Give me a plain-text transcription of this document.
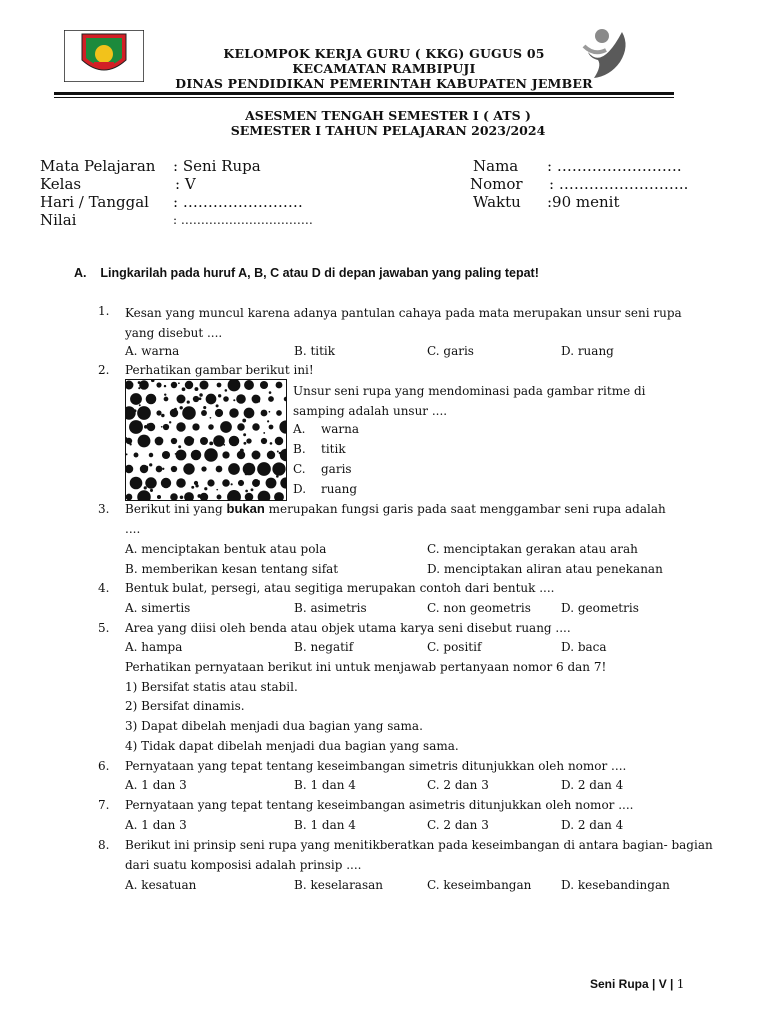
KELOMPOK KERJA GURU ( KKG) GUGUS 05
KECAMATAN RAMBIPUJI
DINAS PENDIDIKAN PEMERINTAH KABUPATEN JEMBER
ASESMEN TENGAH SEMESTER I ( ATS )
SEMESTER I TAHUN PELAJARAN 2023/2024
Mata Pelajaran : Seni Rupa
Kelas	: V
Hari / Tanggal : ……………………
Nilai	: ……………………………
Nama : …………………….
Nomor : ……………………..
Waktu :90 menit
A. Lingkarilah pada huruf A, B, C atau D di depan jawaban yang paling tepat!
1. Kesan yang muncul karena adanya pantulan cahaya pada mata merupakan unsur seni rupa yang disebut ....
A. warna	B. titik	C. garis	D. ruang
2. Perhatikan gambar berikut ini!
Unsur seni rupa yang mendominasi pada gambar ritme di samping adalah unsur ....
A. warna
B. titik
C. garis
D. ruang
3. Berikut ini yang bukan merupakan fungsi garis pada saat menggambar seni rupa adalah
....
A. menciptakan bentuk atau pola	C. menciptakan gerakan atau arah
B. memberikan kesan tentang sifat	D. menciptakan aliran atau penekanan
4. Bentuk bulat, persegi, atau segitiga merupakan contoh dari bentuk ....
A. simertis	B. asimetris	C. non geometris	D. geometris
5. Area yang diisi oleh benda atau objek utama karya seni disebut ruang ....
A. hampa	B. negatif	C. positif	D. baca
Perhatikan pernyataan berikut ini untuk menjawab pertanyaan nomor 6 dan 7!
1) Bersifat statis atau stabil.
2) Bersifat dinamis.
3) Dapat dibelah menjadi dua bagian yang sama.
4) Tidak dapat dibelah menjadi dua bagian yang sama.
6. Pernyataan yang tepat tentang keseimbangan simetris ditunjukkan oleh nomor ....
A. 1 dan 3	B. 1 dan 4	C. 2 dan 3	D. 2 dan 4
7. Pernyataan yang tepat tentang keseimbangan asimetris ditunjukkan oleh nomor ....
A. 1 dan 3	B. 1 dan 4	C. 2 dan 3	D. 2 dan 4
8. Berikut ini prinsip seni rupa yang menitikberatkan pada keseimbangan di antara bagian- bagian
dari suatu komposisi adalah prinsip ....
A. kesatuan	B. keselarasan	C. keseimbangan D. kesebandingan
Seni Rupa | V | 1
